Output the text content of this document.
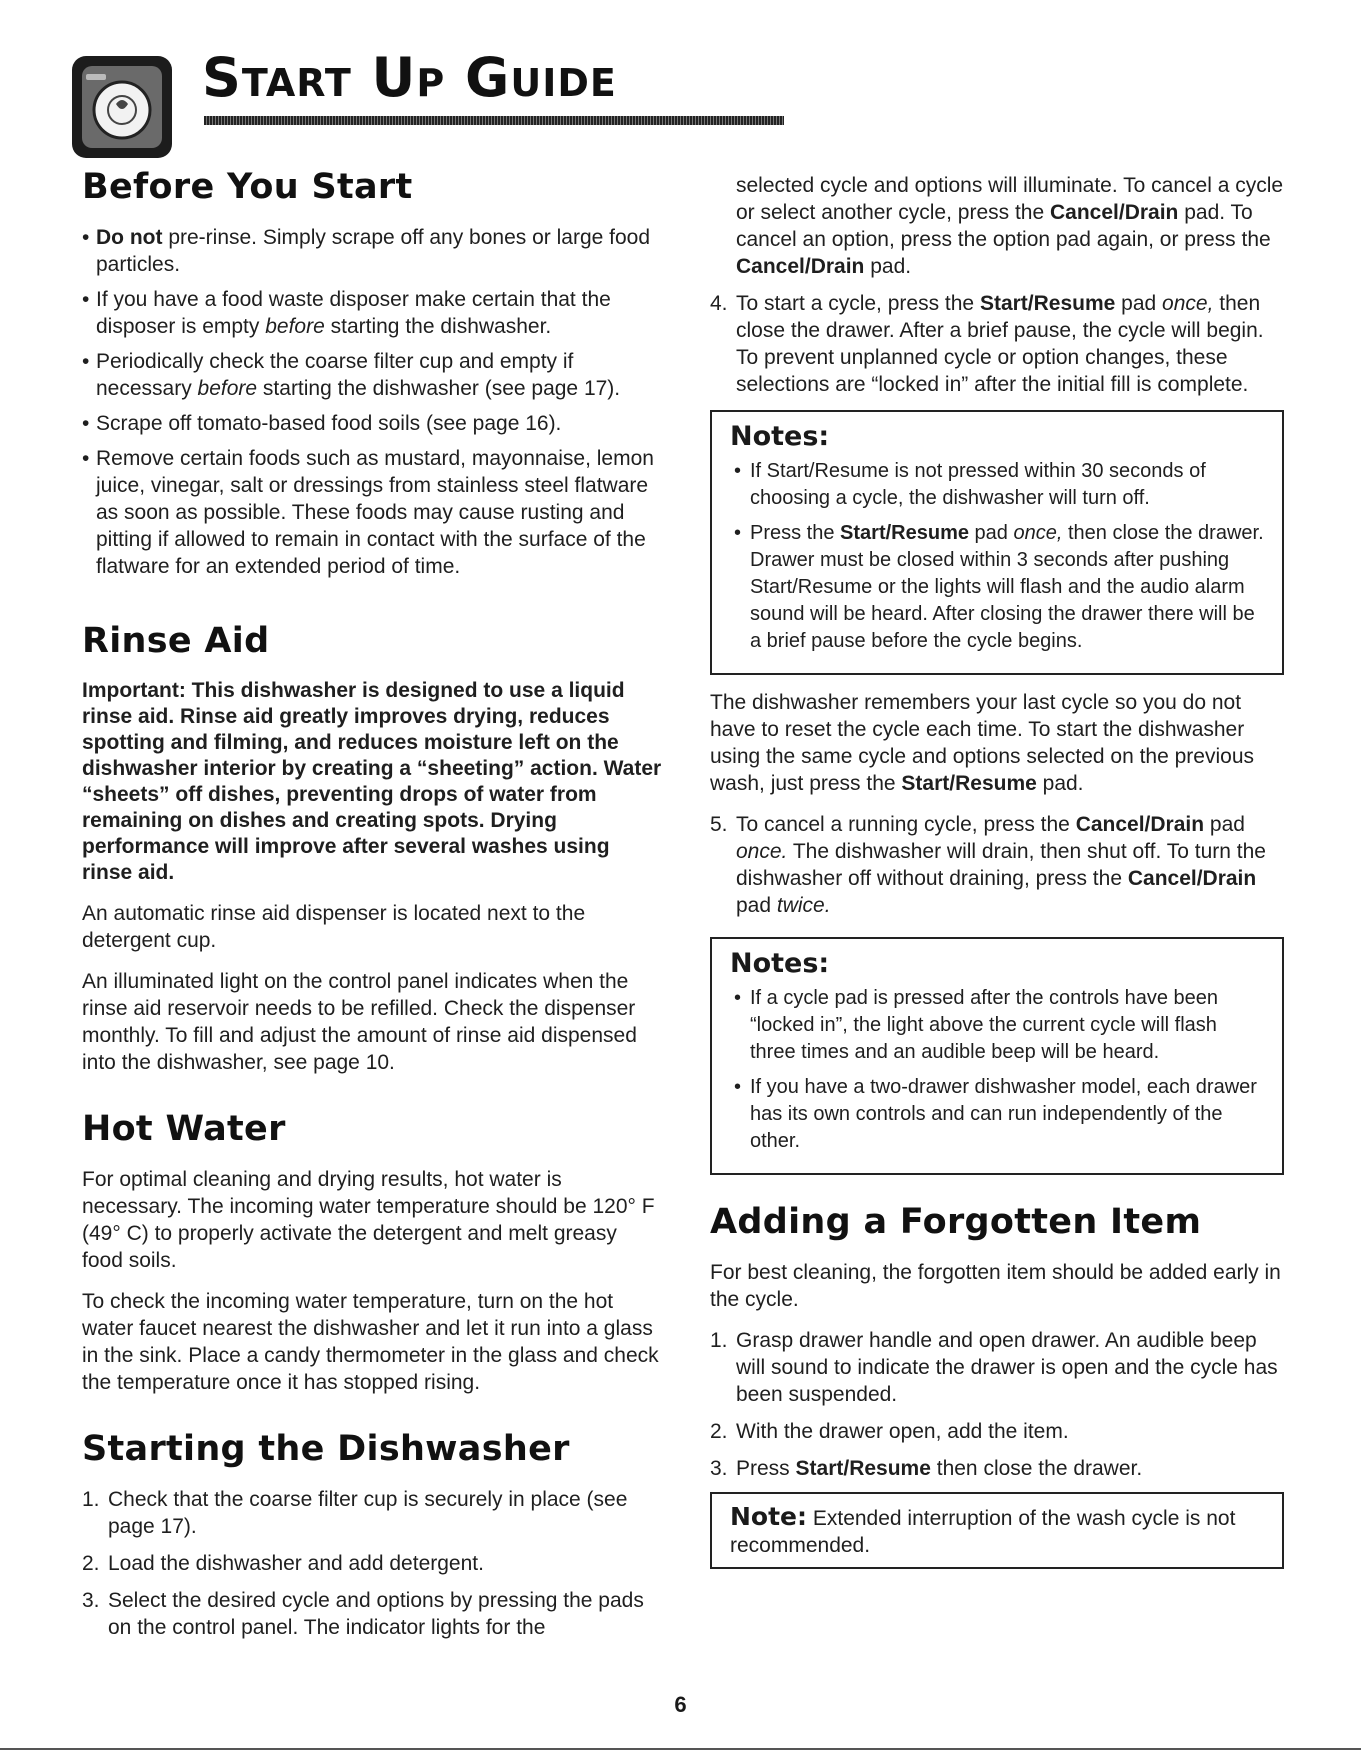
Start Up Guide
Before You Start
• Do not pre-rinse. Simply scrape off any bones or large food particles.
• If you have a food waste disposer make certain that the disposer is empty before starting the dishwasher.
• Periodically check the coarse filter cup and empty if necessary before starting the dishwasher (see page 17).
• Scrape off tomato-based food soils (see page 16).
• Remove certain foods such as mustard, mayonnaise, lemon juice, vinegar, salt or dressings from stainless steel flatware as soon as possible. These foods may cause rusting and pitting if allowed to remain in contact with the surface of the flatware for an extended period of time.
Rinse Aid

Important: This dishwasher is designed to use a liquid rinse aid. Rinse aid greatly improves drying, reduces spotting and filming, and reduces moisture left on the dishwasher interior by creating a “sheeting” action. Water “sheets” off dishes, preventing drops of water from remaining on dishes and creating spots. Drying performance will improve after several washes using rinse aid.

An automatic rinse aid dispenser is located next to the detergent cup.

An illuminated light on the control panel indicates when the rinse aid reservoir needs to be refilled. Check the dispenser monthly. To fill and adjust the amount of rinse aid dispensed into the dishwasher, see page 10.

Hot Water

For optimal cleaning and drying results, hot water is necessary. The incoming water temperature should be 120° F (49° C) to properly activate the detergent and melt greasy food soils.

To check the incoming water temperature, turn on the hot water faucet nearest the dishwasher and let it run into a glass in the sink. Place a candy thermometer in the glass and check the temperature once it has stopped rising.

Starting the Dishwasher
1. Check that the coarse filter cup is securely in place (see page 17).
2. Load the dishwasher and add detergent.
3. Select the desired cycle and options by pressing the pads on the control panel. The indicator lights for the

selected cycle and options will illuminate. To cancel a cycle or select another cycle, press the Cancel/Drain pad. To cancel an option, press the option pad again, or press the Cancel/Drain pad.

4. To start a cycle, press the Start/Resume pad once, then close the drawer. After a brief pause, the cycle will begin. To prevent unplanned cycle or option changes, these selections are “locked in” after the initial fill is complete.
Notes:
• If Start/Resume is not pressed within 30 seconds of choosing a cycle, the dishwasher will turn off.
• Press the Start/Resume pad once, then close the drawer. Drawer must be closed within 3 seconds after pushing Start/Resume or the lights will flash and the audio alarm sound will be heard. After closing the drawer there will be a brief pause before the cycle begins.

The dishwasher remembers your last cycle so you do not have to reset the cycle each time. To start the dishwasher using the same cycle and options selected on the previous wash, just press the Start/Resume pad.

5. To cancel a running cycle, press the Cancel/Drain pad once. The dishwasher will drain, then shut off. To turn the dishwasher off without draining, press the Cancel/Drain pad twice.
Notes:
• If a cycle pad is pressed after the controls have been “locked in”, the light above the current cycle will flash three times and an audible beep will be heard.
• If you have a two-drawer dishwasher model, each drawer has its own controls and can run independently of the other.
Adding a Forgotten Item

For best cleaning, the forgotten item should be added early in the cycle.

1. Grasp drawer handle and open drawer. An audible beep will sound to indicate the drawer is open and the cycle has been suspended.
2. With the drawer open, add the item.
3. Press Start/Resume then close the drawer.
Note: Extended interruption of the wash cycle is not recommended.
6
